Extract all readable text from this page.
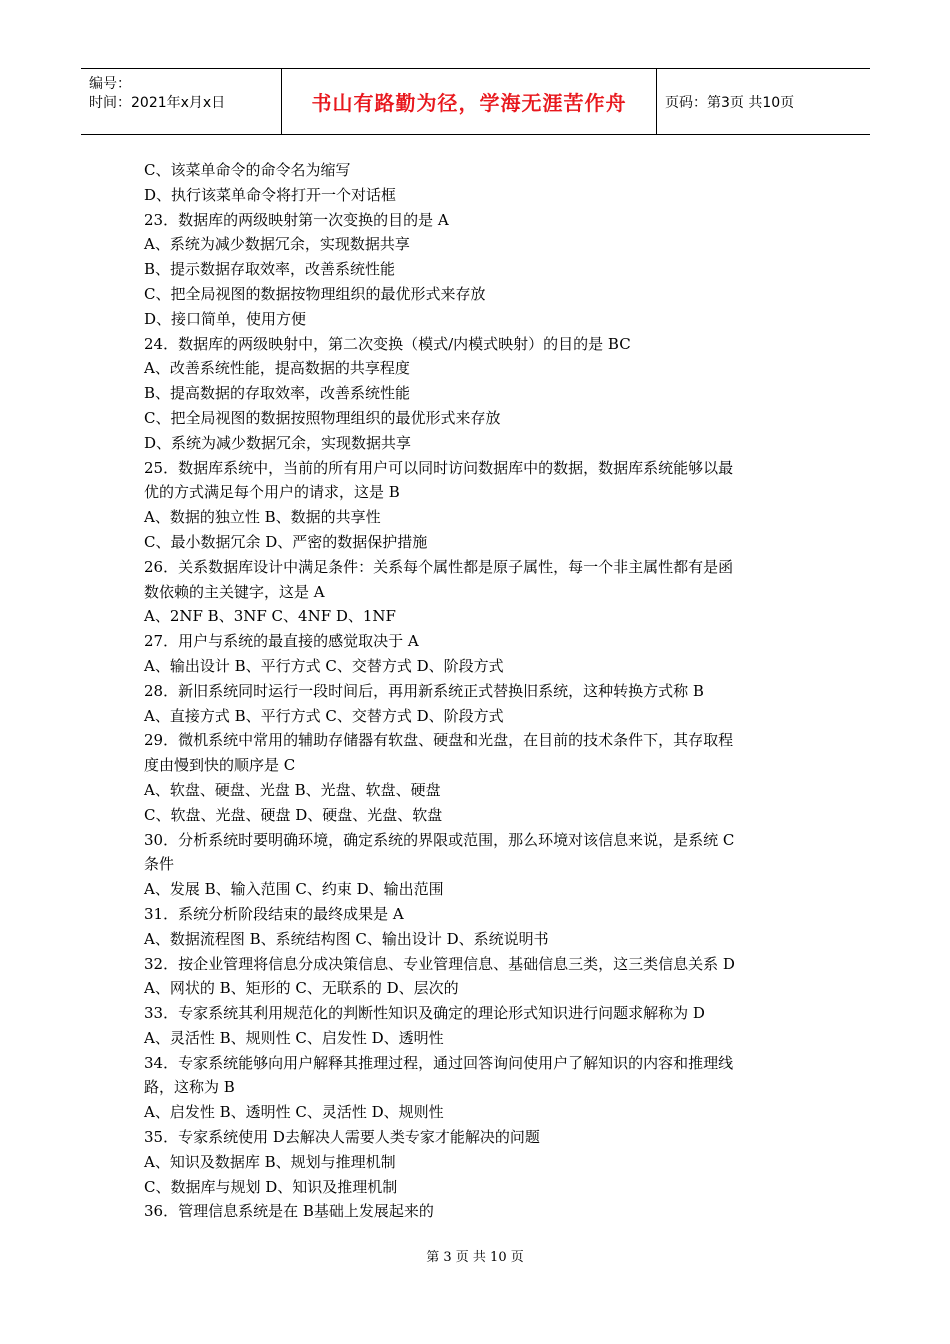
编号：
时间：2021年x月x日	书山有路勤为径，学海无涯苦作舟	页码：第3页 共10页
C、该菜单命令的命令名为缩写
D、执行该菜单命令将打开一个对话框
23．数据库的两级映射第一次变换的目的是 A
A、系统为减少数据冗余，实现数据共享
B、提示数据存取效率，改善系统性能
C、把全局视图的数据按物理组织的最优形式来存放
D、接口简单，使用方便
24．数据库的两级映射中，第二次变换（模式/内模式映射）的目的是 BC
A、改善系统性能，提高数据的共享程度
B、提高数据的存取效率，改善系统性能
C、把全局视图的数据按照物理组织的最优形式来存放
D、系统为减少数据冗余，实现数据共享
25．数据库系统中，当前的所有用户可以同时访问数据库中的数据，数据库系统能够以最
优的方式满足每个用户的请求，这是 B
A、数据的独立性 B、数据的共享性
C、最小数据冗余 D、严密的数据保护措施
26．关系数据库设计中满足条件：关系每个属性都是原子属性，每一个非主属性都有是函
数依赖的主关键字，这是 A
A、2NF B、3NF C、4NF D、1NF
27．用户与系统的最直接的感觉取决于 A
A、输出设计 B、平行方式 C、交替方式 D、阶段方式
28．新旧系统同时运行一段时间后，再用新系统正式替换旧系统，这种转换方式称 B
A、直接方式 B、平行方式 C、交替方式 D、阶段方式
29．微机系统中常用的辅助存储器有软盘、硬盘和光盘，在目前的技术条件下，其存取程
度由慢到快的顺序是 C
A、软盘、硬盘、光盘 B、光盘、软盘、硬盘
C、软盘、光盘、硬盘 D、硬盘、光盘、软盘
30．分析系统时要明确环境，确定系统的界限或范围，那么环境对该信息来说，是系统 C
条件
A、发展 B、输入范围 C、约束 D、输出范围
31．系统分析阶段结束的最终成果是 A
A、数据流程图 B、系统结构图 C、输出设计 D、系统说明书
32．按企业管理将信息分成决策信息、专业管理信息、基础信息三类，这三类信息关系 D
A、网状的 B、矩形的 C、无联系的 D、层次的
33．专家系统其利用规范化的判断性知识及确定的理论形式知识进行问题求解称为 D
A、灵活性 B、规则性 C、启发性 D、透明性
34．专家系统能够向用户解释其推理过程，通过回答询问使用户了解知识的内容和推理线
路，这称为 B
A、启发性 B、透明性 C、灵活性 D、规则性
35．专家系统使用 D去解决人需要人类专家才能解决的问题
A、知识及数据库 B、规划与推理机制
C、数据库与规划 D、知识及推理机制
36．管理信息系统是在 B基础上发展起来的
第 3 页 共 10 页
